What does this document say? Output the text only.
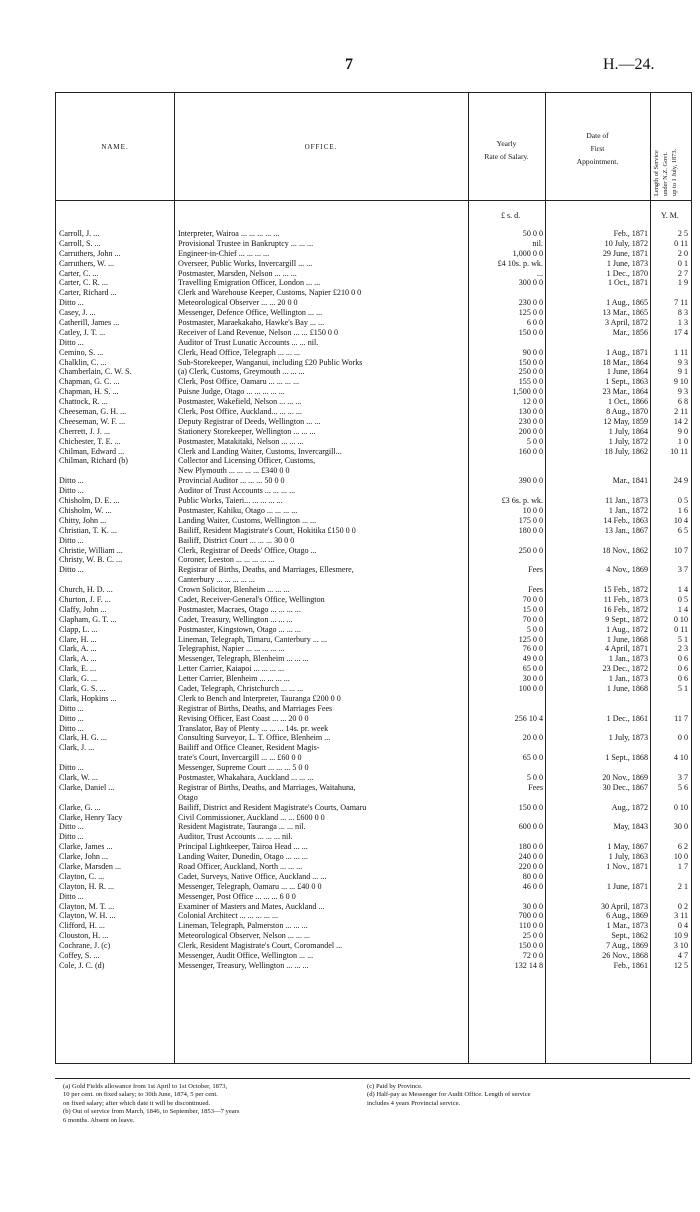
7	H.—24.
NAME.	OFFICE.	Yearly
Rate of Salary.
Date of
First
Appointment.	Length of Service under N.Z. Govt. up to 1 July, 1873.
£ s. d.	Y. M.
Carroll, J. ...	Interpreter, Wairoa ... ... ... ... ...	50 0 0	Feb., 1871	2 5
Carroll, S. ...	Provisional Trustee in Bankruptcy ... ... ...	nil.	10 July, 1872	0 11
Carruthers, John ...	Engineer-in-Chief ... ... ... ...	1,000 0 0	29 June, 1871	2 0
Carruthers, W. ...	Overseer, Public Works, Invercargill ... ...	£4 10s. p. wk.	1 June, 1873	0 1
Carter, C. ...	Postmaster, Marsden, Nelson ... ... ...	...	1 Dec., 1870	2 7
Carter, C. R. ...	Travelling Emigration Officer, London ... ...	300 0 0	1 Oct., 1871	1 9
Carter, Richard ...	Clerk and Warehouse Keeper, Customs, Napier £210 0 0
Ditto ...	Meteorological Observer ... ... 20 0 0	230 0 0	1 Aug., 1865	7 11
Casey, J. ...	Messenger, Defence Office, Wellington ... ...	125 0 0	13 Mar., 1865	8 3
Catherill, James ...	Postmaster, Maraekakaho, Hawke's Bay ... ...	6 0 0	3 April, 1872	1 3
Catley, J. T. ...	Receiver of Land Revenue, Nelson ... ... £150 0 0	150 0 0	Mar., 1856	17 4
Ditto ...	Auditor of Trust Lunatic Accounts ... ... nil.
Cemino, S. ...	Clerk, Head Office, Telegraph ... ... ...	90 0 0	1 Aug., 1871	1 11
Chalklin, C. ...	Sub-Storekeeper, Wanganui, including £20 Public Works	150 0 0	18 Mar., 1864	9 3
Chamberlain, C. W. S.	(a) Clerk, Customs, Greymouth ... ... ...	250 0 0	1 June, 1864	9 1
Chapman, G. C. ...	Clerk, Post Office, Oamaru ... ... ... ...	155 0 0	1 Sept., 1863	9 10
Chapman, H. S. ...	Puisne Judge, Otago ... ... ... ... ...	1,500 0 0	23 Mar., 1864	9 3
Chattock, R. ...	Postmaster, Wakefield, Nelson ... ... ...	12 0 0	1 Oct., 1866	6 8
Cheeseman, G. H. ...	Clerk, Post Office, Auckland... ... ... ...	130 0 0	8 Aug., 1870	2 11
Cheeseman, W. F. ...	Deputy Registrar of Deeds, Wellington ... ...	230 0 0	12 May, 1859	14 2
Cherrett, J. J. ...	Stationery Storekeeper, Wellington ... ... ...	200 0 0	1 July, 1864	9 0
Chichester, T. E. ...	Postmaster, Matakitaki, Nelson ... ... ...	5 0 0	1 July, 1872	1 0
Chilman, Edward ...	Clerk and Landing Waiter, Customs, Invercargill...	160 0 0	18 July, 1862	10 11
Chilman, Richard (b)	Collector and Licensing Officer, Customs,
New Plymouth ... ... ... ... £340 0 0
Ditto ...	Provincial Auditor ... ... ... 50 0 0	390 0 0	Mar., 1841	24 9
Ditto ...	Auditor of Trust Accounts ... ... ... ...
Chisholm, D. E. ...	Public Works, Taieri... ... ... ... ...	£3 6s. p. wk.	11 Jan., 1873	0 5
Chisholm, W. ...	Postmaster, Kahiku, Otago ... ... ... ...	10 0 0	1 Jan., 1872	1 6
Chitty, John ...	Landing Waiter, Customs, Wellington ... ...	175 0 0	14 Feb., 1863	10 4
Christian, T. K. ...	Bailiff, Resident Magistrate's Court, Hokitika £150 0 0	180 0 0	13 Jan., 1867	6 5
Ditto ...	Bailiff, District Court ... ... ... 30 0 0
Christie, William ...	Clerk, Registrar of Deeds' Office, Otago ...	250 0 0	18 Nov., 1862	10 7
Christy, W. B. C. ...	Coroner, Leeston ... ... ... ... ...
Ditto ...	Registrar of Births, Deaths, and Marriages, Ellesmere,	Fees	4 Nov., 1869	3 7
Canterbury ... ... ... ... ...
Church, H. D. ...	Crown Solicitor, Blenheim ... ... ...	Fees	15 Feb., 1872	1 4
Churton, J. F. ...	Cadet, Receiver-General's Office, Wellington	70 0 0	11 Feb., 1873	0 5
Claffy, John ...	Postmaster, Macraes, Otago ... ... ... ...	15 0 0	16 Feb., 1872	1 4
Clapham, G. T. ...	Cadet, Treasury, Wellington ... ... ...	70 0 0	9 Sept., 1872	0 10
Clapp, L. ...	Postmaster, Kingstown, Otago ... ... ...	5 0 0	1 Aug., 1872	0 11
Clare, H. ...	Lineman, Telegraph, Timaru, Canterbury ... ...	125 0 0	1 June, 1868	5 1
Clark, A. ...	Telegraphist, Napier ... ... ... ... ...	76 0 0	4 April, 1871	2 3
Clark, A. ...	Messenger, Telegraph, Blenheim ... ... ...	49 0 0	1 Jan., 1873	0 6
Clark, E. ...	Letter Carrier, Kaiapoi ... ... ... ...	65 0 0	23 Dec., 1872	0 6
Clark, G. ...	Letter Carrier, Blenheim ... ... ... ...	30 0 0	1 Jan., 1873	0 6
Clark, G. S. ...	Cadet, Telegraph, Christchurch ... ... ...	100 0 0	1 June, 1868	5 1
Clark, Hopkins ...	Clerk to Bench and Interpreter, Tauranga £200 0 0
Ditto ...	Registrar of Births, Deaths, and Marriages Fees
Ditto ...	Revising Officer, East Coast ... ... 20 0 0	256 10 4	1 Dec., 1861	11 7
Ditto ...	Translator, Bay of Plenty ... ... ... 14s. pr. week
Clark, H. G. ...	Consulting Surveyor, L. T. Office, Blenheim ...	20 0 0	1 July, 1873	0 0
Clark, J. ...	Bailiff and Office Cleaner, Resident Magis-
trate's Court, Invercargill ... ... £60 0 0	65 0 0	1 Sept., 1868	4 10
Ditto ...	Messenger, Supreme Court ... ... ... 5 0 0
Clark, W. ...	Postmaster, Whakahara, Auckland ... ... ...	5 0 0	20 Nov., 1869	3 7
Clarke, Daniel ...	Registrar of Births, Deaths, and Marriages, Waitahuna,	Fees	30 Dec., 1867	5 6
Otago
Clarke, G. ...	Bailiff, District and Resident Magistrate's Courts, Oamaru	150 0 0	Aug., 1872	0 10
Clarke, Henry Tacy	Civil Commissioner, Auckland ... ... £600 0 0
Ditto ...	Resident Magistrate, Tauranga ... ... nil.	600 0 0	May, 1843	30 0
Ditto ...	Auditor, Trust Accounts ... ... ... nil.
Clarke, James ...	Principal Lightkeeper, Tairoa Head ... ...	180 0 0	1 May, 1867	6 2
Clarke, John ...	Landing Waiter, Dunedin, Otago ... ... ...	240 0 0	1 July, 1863	10 0
Clarke, Marsden ...	Road Officer, Auckland, North ... ... ...	220 0 0	1 Nov., 1871	1 7
Clayton, C. ...	Cadet, Surveys, Native Office, Auckland ... ...	80 0 0
Clayton, H. R. ...	Messenger, Telegraph, Oamaru ... ... £40 0 0	46 0 0	1 June, 1871	2 1
Ditto ...	Messenger, Post Office ... ... ... 6 0 0
Clayton, M. T. ...	Examiner of Masters and Mates, Auckland ...	30 0 0	30 April, 1873	0 2
Clayton, W. H. ...	Colonial Architect ... ... ... ... ...	700 0 0	6 Aug., 1869	3 11
Clifford, H. ...	Lineman, Telegraph, Palmerston ... ... ...	110 0 0	1 Mar., 1873	0 4
Clouston, H. ...	Meteorological Observer, Nelson ... ... ...	25 0 0	Sept., 1862	10 9
Cochrane, J. (c)	Clerk, Resident Magistrate's Court, Coromandel ...	150 0 0	7 Aug., 1869	3 10
Coffey, S. ...	Messenger, Audit Office, Wellington ... ...	72 0 0	26 Nov., 1868	4 7
Cole, J. C. (d)	Messenger, Treasury, Wellington ... ... ...	132 14 8	Feb., 1861	12 5
(a) Gold Fields allowance from 1st April to 1st October, 1873,
10 per cent. on fixed salary; to 30th June, 1874, 5 per cent.
on fixed salary; after which date it will be discontinued.
(b) Out of service from March, 1846, to September, 1853—7 years
6 months. Absent on leave.
(c) Paid by Province.
(d) Half-pay as Messenger for Audit Office. Length of service
includes 4 years Provincial service.
